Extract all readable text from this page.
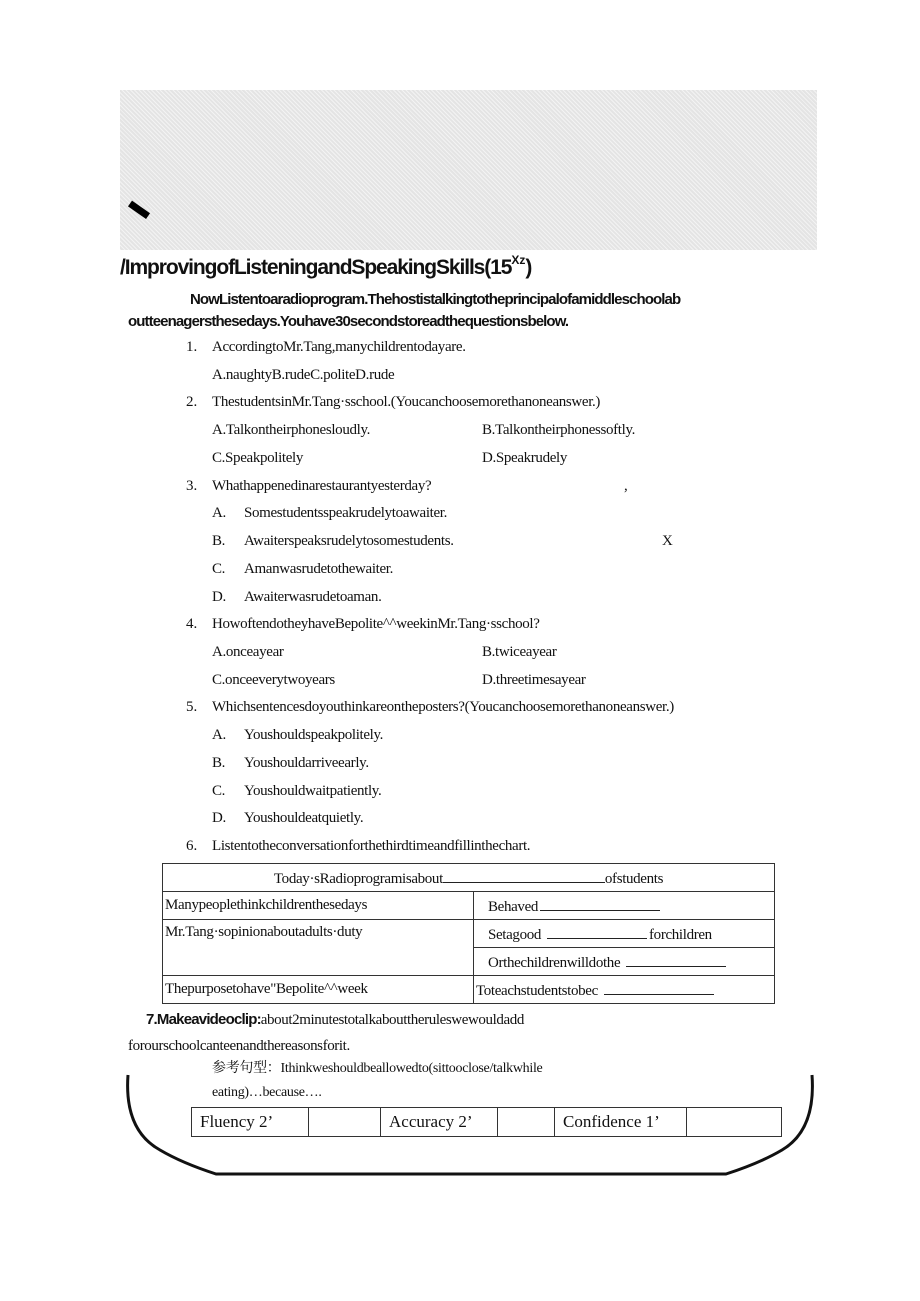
$/ImprovingofListeningandSpeakingSkills(15^{Xz})$
NowListentoaradioprogram.Thehostistalkingtotheprincipalofamiddleschoolab
outteenagersthesedays.Youhave30secondstoreadthequestionsbelow.
1. AccordingtoMr.Tang,manychildrentodayare.
A.naughtyB.rudeC.politeD.rude
2. ThestudentsinMr.Tang·sschool.(Youcanchoosemorethanoneanswer.)
A.Talkontheirphonesloudly.	B.Talkontheirphonessoftly.
C.Speakpolitely	D.Speakrudely
3. Whathappenedinarestaurantyesterday?	,
A. Somestudentsspeakrudelytoawaiter.
B. Awaiterspeaksrudelytosomestudents.	X
C. Amanwasrudetothewaiter.
D. Awaiterwasrudetoaman.
4. HowoftendotheyhaveBepolite^^weekinMr.Tang·sschool?
A.onceayear	B.twiceayear
C.onceeverytwoyears	D.threetimesayear
5. Whichsentencesdoyouthinkareontheposters?(Youcanchoosemorethanoneanswer.)
A. Youshouldspeakpolitely.
B. Youshouldarriveearly.
C. Youshouldwaitpatiently.
D. Youshouldeatquietly.
6. Listentotheconversationforthethirdtimeandfillinthechart.
Today·sRadioprogramisabout ofstudents	
Manypeoplethinkchildrenthesedays	Behaved
Mr.Tang·sopinionaboutadults·duty	Setagood forchildren
	Orthechildrenwilldothe
Thepurposetohave"Bepolite^^week	Toteachstudentstobec
7.Makeavideoclip:about2minutestotalkabouttheruleswewouldadd
forourschoolcanteenandthereasonsforit.
参考句型：Ithinkweshouldbeallowedto(sittooclose/talkwhile
eating)…because….
Fluency 2’		Accuracy 2’		Confidence 1’	
